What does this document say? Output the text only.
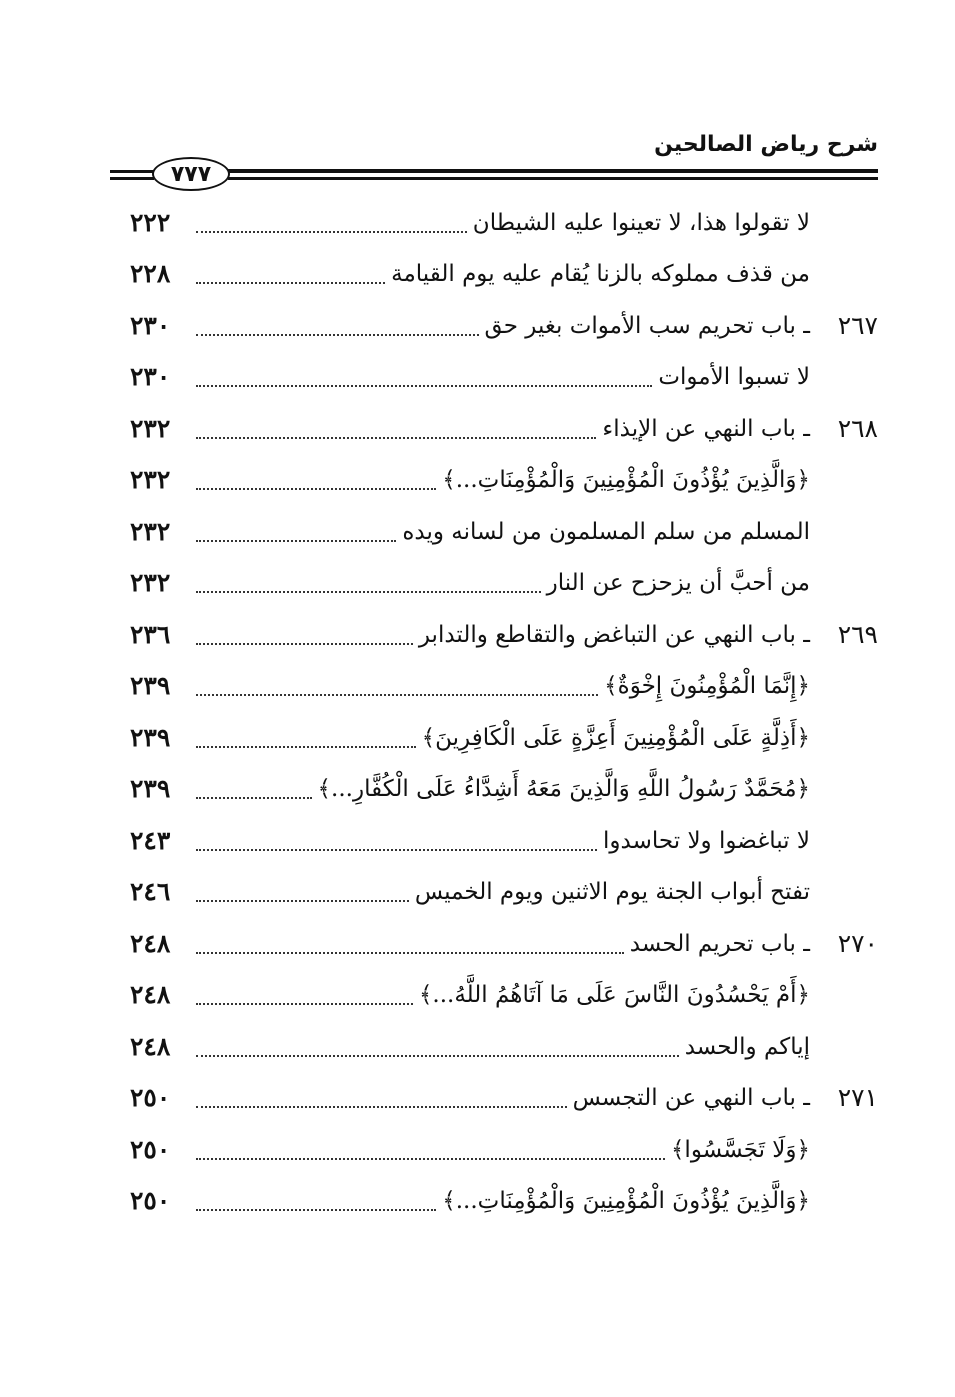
شرح رياض الصالحين
٧٧٧
لا تقولوا هذا، لا تعينوا عليه الشيطان
٢٢٢
من قذف مملوكه بالزنا يُقام عليه يوم القيامة
٢٢٨
٢٦٧
ـ باب تحريم سب الأموات بغير حق
٢٣٠
لا تسبوا الأموات
٢٣٠
٢٦٨
ـ باب النهي عن الإيذاء
٢٣٢
﴿وَالَّذِينَ يُؤْذُونَ الْمُؤْمِنِينَ وَالْمُؤْمِنَاتِ...﴾
٢٣٢
المسلم من سلم المسلمون من لسانه ويده
٢٣٢
من أحبَّ أن يزحزح عن النار
٢٣٢
٢٦٩
ـ باب النهي عن التباغض والتقاطع والتدابر
٢٣٦
﴿إِنَّمَا الْمُؤْمِنُونَ إِخْوَةٌ﴾
٢٣٩
﴿أَذِلَّةٍ عَلَى الْمُؤْمِنِينَ أَعِزَّةٍ عَلَى الْكَافِرِينَ﴾
٢٣٩
﴿مُحَمَّدٌ رَسُولُ اللَّهِ وَالَّذِينَ مَعَهُ أَشِدَّاءُ عَلَى الْكُفَّارِ...﴾
٢٣٩
لا تباغضوا ولا تحاسدوا
٢٤٣
تفتح أبواب الجنة يوم الاثنين ويوم الخميس
٢٤٦
٢٧٠
ـ باب تحريم الحسد
٢٤٨
﴿أَمْ يَحْسُدُونَ النَّاسَ عَلَى مَا آتَاهُمُ اللَّهُ...﴾
٢٤٨
إياكم والحسد
٢٤٨
٢٧١
ـ باب النهي عن التجسس
٢٥٠
﴿وَلَا تَجَسَّسُوا﴾
٢٥٠
﴿وَالَّذِينَ يُؤْذُونَ الْمُؤْمِنِينَ وَالْمُؤْمِنَاتِ...﴾
٢٥٠
